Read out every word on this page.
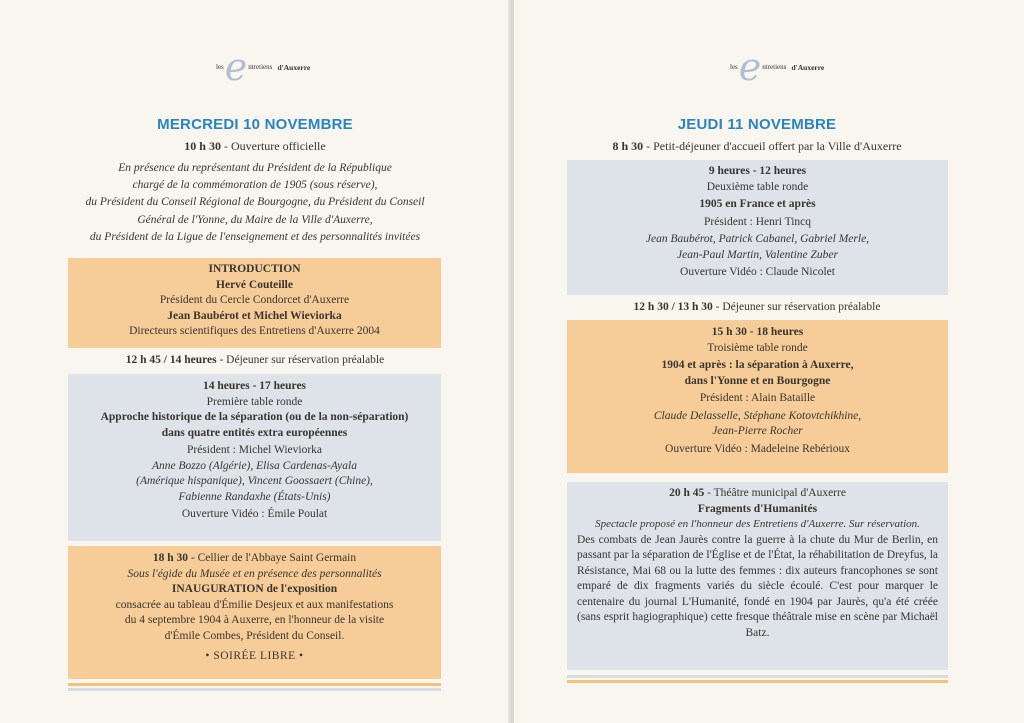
les e ntretiens
d'Auxerre
MERCREDI 10 NOVEMBRE
10 h 30 - Ouverture officielle
En présence du représentant du Président de la République
chargé de la commémoration de 1905 (sous réserve),
du Président du Conseil Régional de Bourgogne, du Président du Conseil
Général de l'Yonne, du Maire de la Ville d'Auxerre,
du Président de la Ligue de l'enseignement et des personnalités invitées

INTRODUCTION

Hervé Couteille

Président du Cercle Condorcet d'Auxerre

Jean Baubérot et Michel Wieviorka

Directeurs scientifiques des Entretiens d'Auxerre 2004

12 h 45 / 14 heures - Déjeuner sur réservation préalable

14 heures - 17 heures

Première table ronde

Approche historique de la séparation (ou de la non-séparation)

dans quatre entités extra européennes

Président : Michel Wieviorka

Anne Bozzo (Algérie), Elisa Cardenas-Ayala

(Amérique hispanique), Vincent Goossaert (Chine),

Fabienne Randaxhe (États-Unis)

Ouverture Vidéo : Émile Poulat

18 h 30 - Cellier de l'Abbaye Saint Germain

Sous l'égide du Musée et en présence des personnalités

INAUGURATION de l'exposition

consacrée au tableau d'Émilie Desjeux et aux manifestations

du 4 septembre 1904 à Auxerre, en l'honneur de la visite

d'Émile Combes, Président du Conseil.

• SOIRÉE LIBRE •

les e ntretiens
d'Auxerre
JEUDI 11 NOVEMBRE
8 h 30 - Petit-déjeuner d'accueil offert par la Ville d'Auxerre

9 heures - 12 heures

Deuxième table ronde

1905 en France et après

Président : Henri Tincq

Jean Baubérot, Patrick Cabanel, Gabriel Merle,

Jean-Paul Martin, Valentine Zuber

Ouverture Vidéo : Claude Nicolet

12 h 30 / 13 h 30 - Déjeuner sur réservation préalable

15 h 30 - 18 heures

Troisième table ronde

1904 et après : la séparation à Auxerre,

dans l'Yonne et en Bourgogne

Président : Alain Bataille

Claude Delasselle, Stéphane Kotovtchikhine,

Jean-Pierre Rocher

Ouverture Vidéo : Madeleine Rebérioux

20 h 45 - Théâtre municipal d'Auxerre

Fragments d'Humanités

Spectacle proposé en l'honneur des Entretiens d'Auxerre. Sur réservation.

Des combats de Jean Jaurès contre la guerre à la chute du Mur de Berlin, en passant par la séparation de l'Église et de l'État, la réhabilitation de Dreyfus, la Résistance, Mai 68 ou la lutte des femmes : dix auteurs francophones se sont emparé de dix fragments variés du siècle écoulé. C'est pour marquer le centenaire du journal L'Humanité, fondé en 1904 par Jaurès, qu'a été créée (sans esprit hagiographique) cette fresque théâtrale mise en scène par Michaël Batz.
